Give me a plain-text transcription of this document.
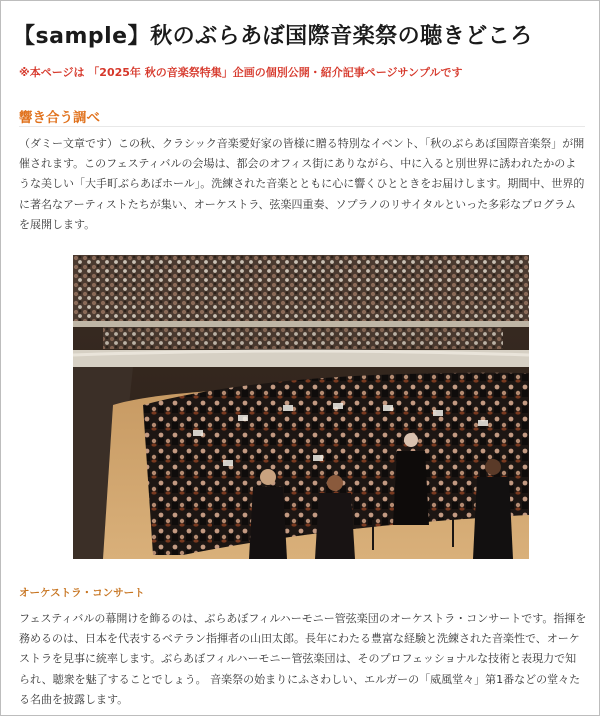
【sample】秋のぶらあぼ国際音楽祭の聴きどころ

※本ページは 「2025年 秋の音楽祭特集」企画の個別公開・紹介記事ページサンプルです

響き合う調べ

（ダミー文章です）この秋、クラシック音楽愛好家の皆様に贈る特別なイベント、「秋のぶらあぼ国際音楽祭」が開催されます。このフェスティバルの会場は、都会のオフィス街にありながら、中に入ると別世界に誘われたかのような美しい「大手町ぶらあぼホール」。洗練された音楽とともに心に響くひとときをお届けします。期間中、世界的に著名なアーティストたちが集い、オーケストラ、弦楽四重奏、ソプラノのリサイタルといった多彩なプログラムを展開します。

オーケストラ・コンサート

フェスティバルの幕開けを飾るのは、ぶらあぼフィルハーモニー管弦楽団のオーケストラ・コンサートです。指揮を務めるのは、日本を代表するベテラン指揮者の山田太郎。長年にわたる豊富な経験と洗練された音楽性で、オーケストラを見事に統率します。ぶらあぼフィルハーモニー管弦楽団は、そのプロフェッショナルな技術と表現力で知られ、聴衆を魅了することでしょう。 音楽祭の始まりにふさわしい、エルガーの「威風堂々」第1番などの堂々たる名曲を披露します。
